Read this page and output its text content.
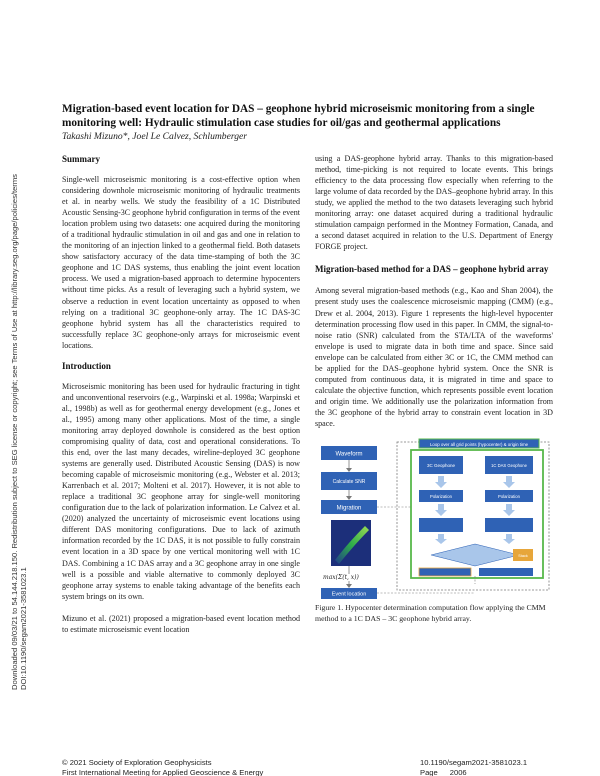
Downloaded 09/03/21 to 54.144.218.150. Redistribution subject to SEG license or copyright; see Terms of Use at http://library.seg.org/page/policies/terms DOI:10.1190/segam2021-3581023.1
Migration-based event location for DAS – geophone hybrid microseismic monitoring from a single monitoring well: Hydraulic stimulation case studies for oil/gas and geothermal applications
Takashi Mizuno*, Joel Le Calvez, Schlumberger
Summary

Single-well microseismic monitoring is a cost-effective option when considering downhole microseismic monitoring of hydraulic treatments et al. in nearby wells. We study the feasibility of a 1C Distributed Acoustic Sensing-3C geophone hybrid configuration in terms of the event location problem using two datasets: one acquired during the monitoring of a traditional hydraulic stimulation in oil and gas and one in relation to the monitoring of an injection linked to a geothermal field. Both datasets show satisfactory accuracy of the data time-stamping of both the 3C geophone and 1C DAS systems, thus enabling the joint event location process. We used a migration-based approach to determine hypocenters without time picks. As a result of leveraging such a hybrid system, we observe a reduction in event location uncertainty as opposed to when relying on a traditional 3C geophone-only array. The 1C DAS-3C geophone hybrid system has all the characteristics required to successfully replace 3C geophone-only arrays for microseismic event locations.

Introduction

Microseismic monitoring has been used for hydraulic fracturing in tight and unconventional reservoirs (e.g., Warpinski et al. 1998a; Warpinski et al., 1998b) as well as for geothermal energy development (e.g., Jones et al., 1995) among many other applications. Most of the time, a single monitoring array deployed downhole is considered as the best option compromising quality of data, cost and operational considerations. To this end, over the last many decades, wireline-deployed 3C geophone systems are generally used. Distributed Acoustic Sensing (DAS) is now becoming capable of microseismic monitoring (e.g., Webster et al. 2013; Karrenbach et al. 2017; Molteni et al. 2017). However, it is not able to replace a traditional 3C geophone array for single-well monitoring configuration due to the lack of polarization information. Le Calvez et al. (2020) analyzed the uncertainty of microseismic event locations using different DAS monitoring configurations. Due to lack of azimuth information recorded by the 1C DAS, it is not possible to fully constrain event location in a 3D space by one vertical monitoring well with 1C DAS. Combining a 1C DAS array and a 3C geophone array in one single well is a possible and viable alternative to commonly deployed 3C geophone array systems to enable taking advantage of the benefits each system brings on its own.

Mizuno et al. (2021) proposed a migration-based event location method to estimate microseismic event location

using a DAS-geophone hybrid array. Thanks to this migration-based method, time-picking is not required to locate events. This brings efficiency to the data processing flow especially when referring to the large volume of data recorded by the DAS–geophone hybrid array. In this study, we applied the method to the two datasets leveraging such hybrid monitoring array: one dataset acquired during a traditional hydraulic stimulation campaign performed in the Montney Formation, Canada, and a second dataset acquired in relation to the U.S. Department of Energy FORGE project.

Migration-based method for a DAS – geophone hybrid array

Among several migration-based methods (e.g., Kao and Shan 2004), the present study uses the coalescence microseismic mapping (CMM) (e.g., Drew et al. 2004, 2013). Figure 1 represents the high-level hypocenter determination processing flow used in this paper. In CMM, the signal-to-noise ratio (SNR) calculated from the STA/LTA of the waveforms' envelope is used to migrate data in both time and space. Since said envelope can be calculated from either 3C or 1C, the CMM method can be applied for the DAS–geophone hybrid system. Once the SNR is computed from continuous data, it is migrated in time and space to calculate the objective function, which represents possible event location and origin time. We additionally use the polarization information from the 3C geophone of the hybrid array to constrain event location in 3D space.

Loop over all grid points (hypocenter) & origin time
Waveform
Calculate SNR
Migration
max(Σ(t, x))
Event location
3C Geophone	1C DAS Geophone
Polarization	Polarization
Stack
Figure 1. Hypocenter determination computation flow applying the CMM method to a 1C DAS – 3C geophone hybrid array.
© 2021 Society of Exploration Geophysicists
First International Meeting for Applied Geoscience & Energy
10.1190/segam2021-3581023.1
Page 2006
